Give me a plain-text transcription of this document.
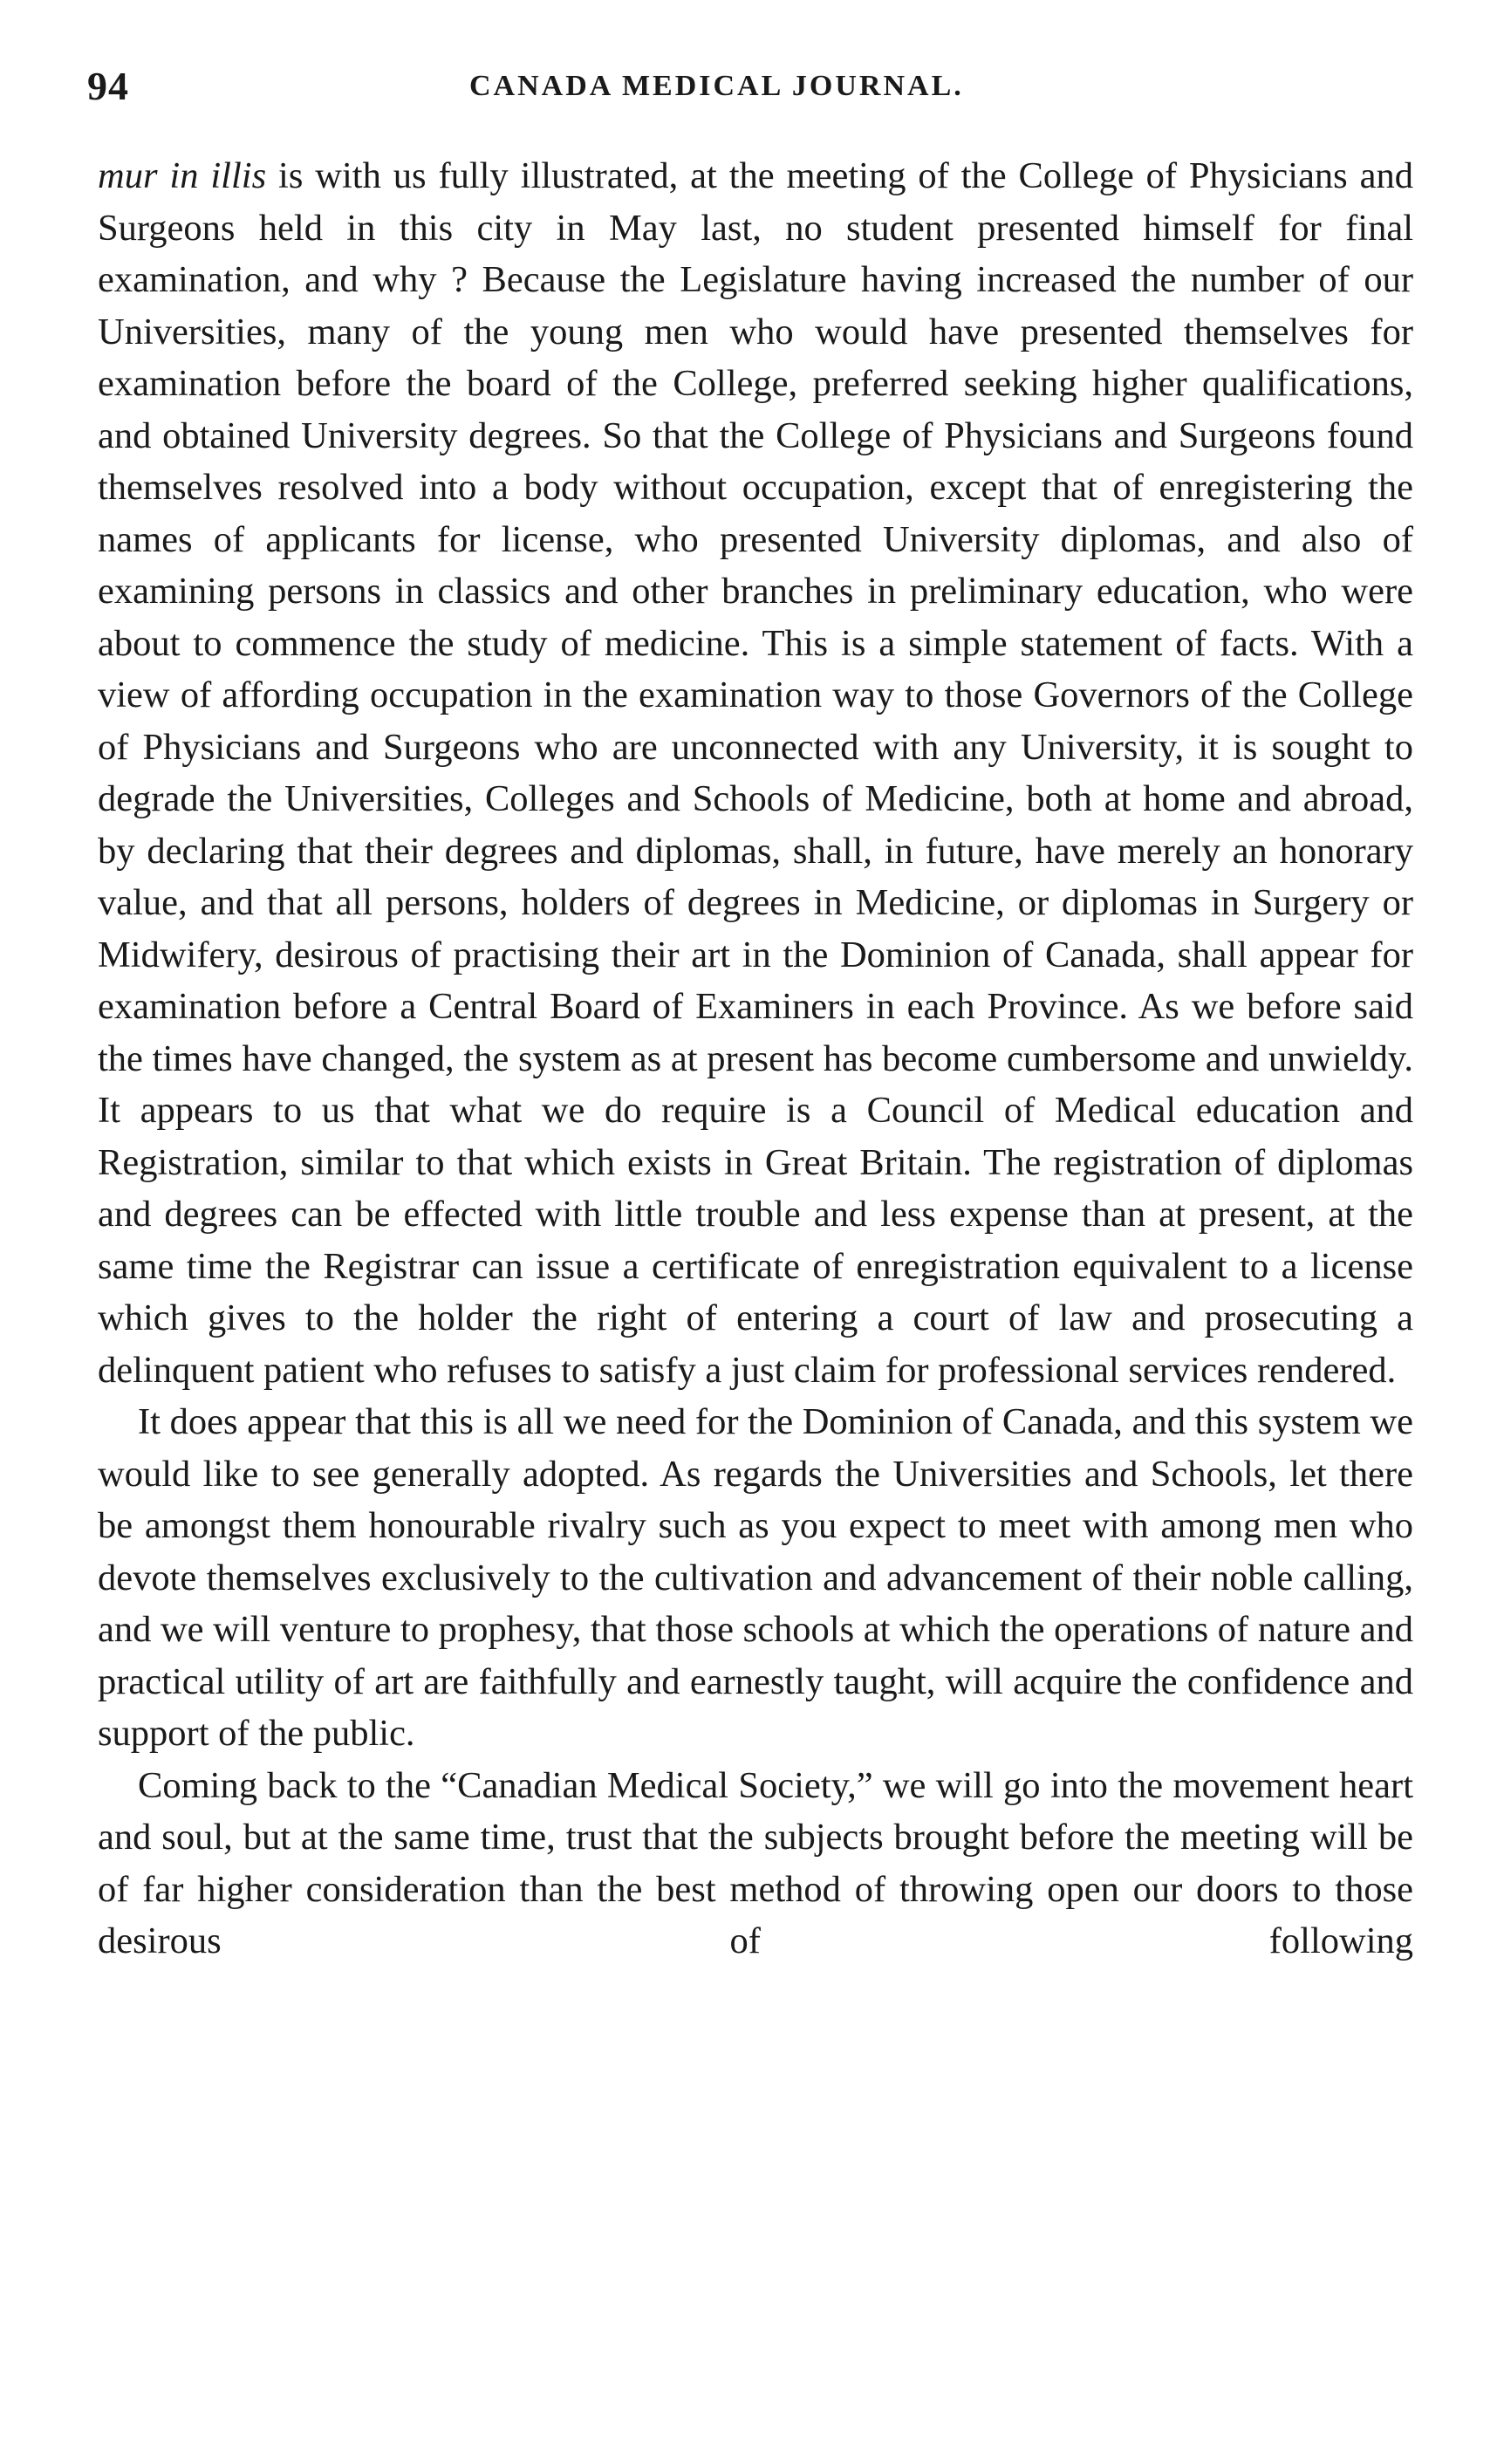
94	CANADA MEDICAL JOURNAL.

mur in illis is with us fully illustrated, at the meeting of the College of Physicians and Surgeons held in this city in May last, no student presented himself for final examination, and why ? Because the Legislature having increased the number of our Universities, many of the young men who would have presented themselves for examination before the board of the College, preferred seeking higher qualifications, and obtained University degrees. So that the College of Physicians and Surgeons found themselves resolved into a body without occupation, except that of enregistering the names of applicants for license, who presented University diplomas, and also of examining persons in classics and other branches in preliminary education, who were about to commence the study of medicine. This is a simple statement of facts. With a view of affording occupation in the examination way to those Governors of the College of Physicians and Surgeons who are unconnected with any University, it is sought to degrade the Universities, Colleges and Schools of Medicine, both at home and abroad, by declaring that their degrees and diplomas, shall, in future, have merely an honorary value, and that all persons, holders of degrees in Medicine, or diplomas in Surgery or Midwifery, desirous of practising their art in the Dominion of Canada, shall appear for examination before a Central Board of Examiners in each Province. As we before said the times have changed, the system as at present has become cumbersome and unwieldy. It appears to us that what we do require is a Council of Medical education and Registration, similar to that which exists in Great Britain. The registration of diplomas and degrees can be effected with little trouble and less expense than at present, at the same time the Registrar can issue a certificate of enregistration equivalent to a license which gives to the holder the right of entering a court of law and prosecuting a delinquent patient who refuses to satisfy a just claim for professional services rendered.

It does appear that this is all we need for the Dominion of Canada, and this system we would like to see generally adopted. As regards the Universities and Schools, let there be amongst them honourable rivalry such as you expect to meet with among men who devote themselves exclusively to the cultivation and advancement of their noble calling, and we will venture to prophesy, that those schools at which the operations of nature and practical utility of art are faithfully and earnestly taught, will acquire the confidence and support of the public.

Coming back to the “Canadian Medical Society,” we will go into the movement heart and soul, but at the same time, trust that the subjects brought before the meeting will be of far higher consideration than the best method of throwing open our doors to those desirous of following
